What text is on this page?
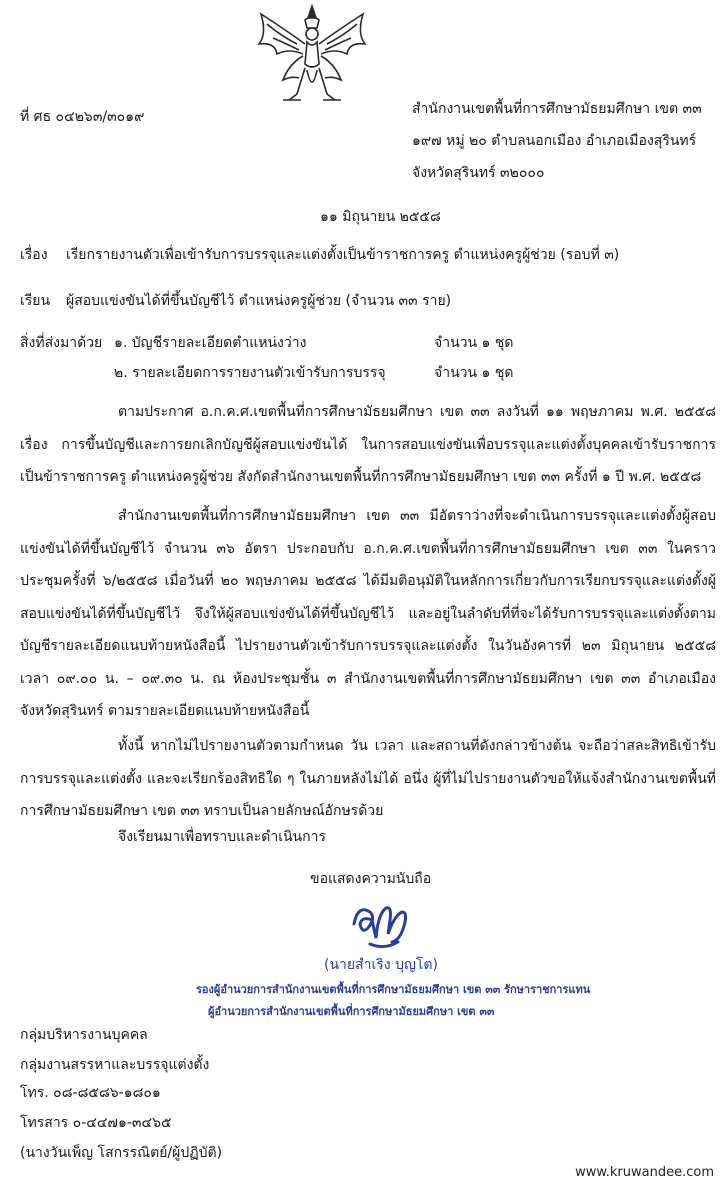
ที่ ศธ ๐๔๒๖๓/๓๐๑๙	สำนักงานเขตพื้นที่การศึกษามัธยมศึกษา เขต ๓๓
๑๙๗ หมู่ ๒๐ ตำบลนอกเมือง อำเภอเมืองสุรินทร์
จังหวัดสุรินทร์ ๓๒๐๐๐
๑๑ มิถุนายน ๒๕๕๘
เรื่อง เรียกรายงานตัวเพื่อเข้ารับการบรรจุและแต่งตั้งเป็นข้าราชการครู ตำแหน่งครูผู้ช่วย (รอบที่ ๓)
เรียน ผู้สอบแข่งขันได้ที่ขึ้นบัญชีไว้ ตำแหน่งครูผู้ช่วย (จำนวน ๓๓ ราย)
สิ่งที่ส่งมาด้วย ๑. บัญชีรายละเอียดตำแหน่งว่าง	จำนวน ๑ ชุด
๒. รายละเอียดการรายงานตัวเข้ารับการบรรจุ	จำนวน ๑ ชุด
ตามประกาศ อ.ก.ค.ศ.เขตพื้นที่การศึกษามัธยมศึกษา เขต ๓๓ ลงวันที่ ๑๑ พฤษภาคม พ.ศ. ๒๕๕๘ เรื่อง การขึ้นบัญชีและการยกเลิกบัญชีผู้สอบแข่งขันได้ ในการสอบแข่งขันเพื่อบรรจุและแต่งตั้งบุคคลเข้ารับราชการเป็นข้าราชการครู ตำแหน่งครูผู้ช่วย สังกัดสำนักงานเขตพื้นที่การศึกษามัธยมศึกษา เขต ๓๓ ครั้งที่ ๑ ปี พ.ศ. ๒๕๕๘
สำนักงานเขตพื้นที่การศึกษามัธยมศึกษา เขต ๓๓ มีอัตราว่างที่จะดำเนินการบรรจุและแต่งตั้งผู้สอบแข่งขันได้ที่ขึ้นบัญชีไว้ จำนวน ๓๖ อัตรา ประกอบกับ อ.ก.ค.ศ.เขตพื้นที่การศึกษามัธยมศึกษา เขต ๓๓ ในคราวประชุมครั้งที่ ๖/๒๕๕๘ เมื่อวันที่ ๒๐ พฤษภาคม ๒๕๕๘ ได้มีมติอนุมัติในหลักการเกี่ยวกับการเรียกบรรจุและแต่งตั้งผู้สอบแข่งขันได้ที่ขึ้นบัญชีไว้ จึงให้ผู้สอบแข่งขันได้ที่ขึ้นบัญชีไว้ และอยู่ในลำดับที่ที่จะได้รับการบรรจุและแต่งตั้งตามบัญชีรายละเอียดแนบท้ายหนังสือนี้ ไปรายงานตัวเข้ารับการบรรจุและแต่งตั้ง ในวันอังคารที่ ๒๓ มิถุนายน ๒๕๕๘ เวลา ๐๙.๐๐ น. – ๐๙.๓๐ น. ณ ห้องประชุมชั้น ๓ สำนักงานเขตพื้นที่การศึกษามัธยมศึกษา เขต ๓๓ อำเภอเมือง จังหวัดสุรินทร์ ตามรายละเอียดแนบท้ายหนังสือนี้
ทั้งนี้ หากไม่ไปรายงานตัวตามกำหนด วัน เวลา และสถานที่ดังกล่าวข้างต้น จะถือว่าสละสิทธิเข้ารับการบรรจุและแต่งตั้ง และจะเรียกร้องสิทธิใด ๆ ในภายหลังไม่ได้ อนึ่ง ผู้ที่ไม่ไปรายงานตัวขอให้แจ้งสำนักงานเขตพื้นที่การศึกษามัธยมศึกษา เขต ๓๓ ทราบเป็นลายลักษณ์อักษรด้วย
จึงเรียนมาเพื่อทราบและดำเนินการ
ขอแสดงความนับถือ
(นายสำเริง บุญโต)
รองผู้อำนวยการสำนักงานเขตพื้นที่การศึกษามัธยมศึกษา เขต ๓๓ รักษาราชการแทน
ผู้อำนวยการสำนักงานเขตพื้นที่การศึกษามัธยมศึกษา เขต ๓๓
กลุ่มบริหารงานบุคคล
กลุ่มงานสรรหาและบรรจุแต่งตั้ง
โทร. ๐๘-๘๕๘๖-๑๘๐๑
โทรสาร ๐-๔๔๗๑-๓๔๖๕
(นางวันเพ็ญ โสกรรณิตย์/ผู้ปฏิบัติ)
www.kruwandee.com
